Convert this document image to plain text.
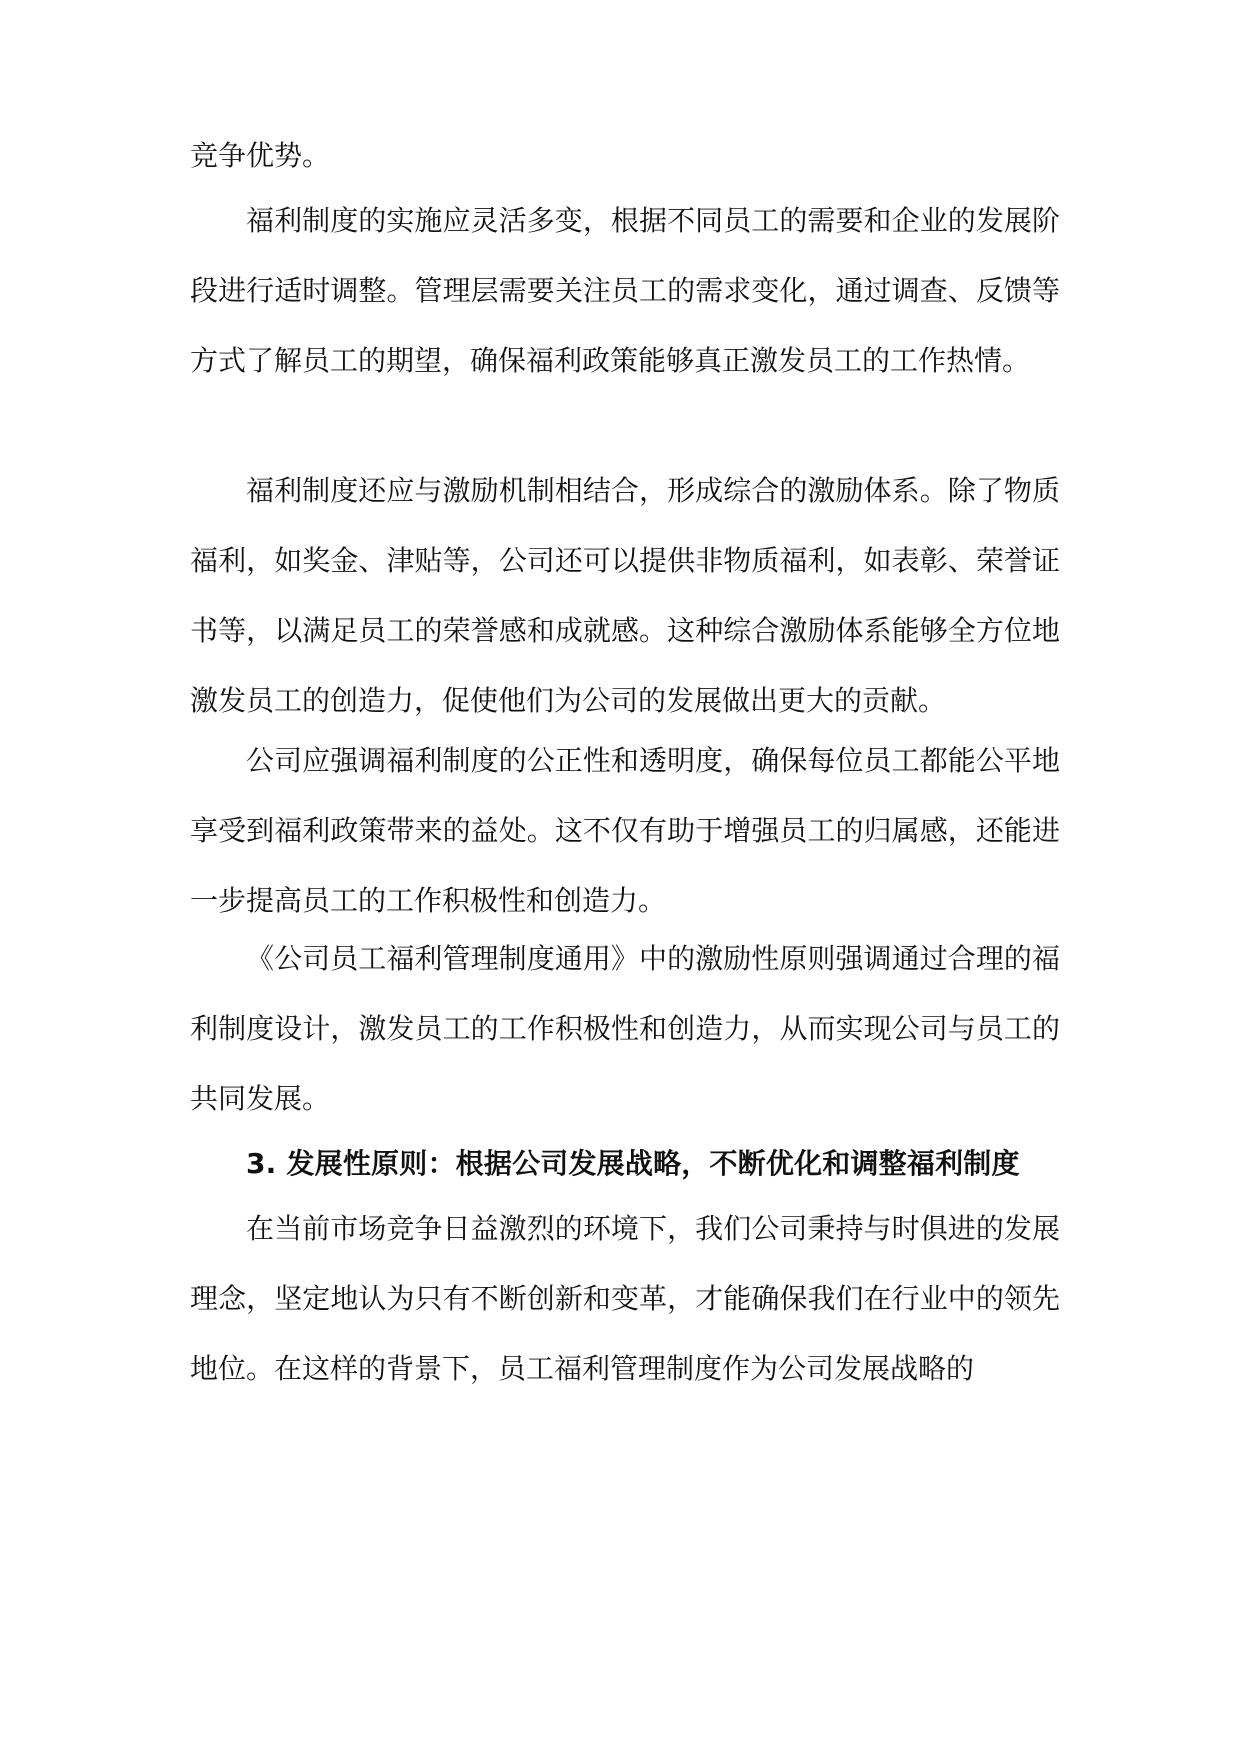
竞争优势。

福利制度的实施应灵活多变，根据不同员工的需要和企业的发展阶段进行适时调整。管理层需要关注员工的需求变化，通过调查、反馈等方式了解员工的期望，确保福利政策能够真正激发员工的工作热情。

福利制度还应与激励机制相结合，形成综合的激励体系。除了物质福利，如奖金、津贴等，公司还可以提供非物质福利，如表彰、荣誉证书等，以满足员工的荣誉感和成就感。这种综合激励体系能够全方位地激发员工的创造力，促使他们为公司的发展做出更大的贡献。

公司应强调福利制度的公正性和透明度，确保每位员工都能公平地享受到福利政策带来的益处。这不仅有助于增强员工的归属感，还能进一步提高员工的工作积极性和创造力。

《公司员工福利管理制度通用》中的激励性原则强调通过合理的福利制度设计，激发员工的工作积极性和创造力，从而实现公司与员工的共同发展。

3. 发展性原则：根据公司发展战略，不断优化和调整福利制度

在当前市场竞争日益激烈的环境下，我们公司秉持与时俱进的发展理念，坚定地认为只有不断创新和变革，才能确保我们在行业中的领先地位。在这样的背景下，员工福利管理制度作为公司发展战略的
